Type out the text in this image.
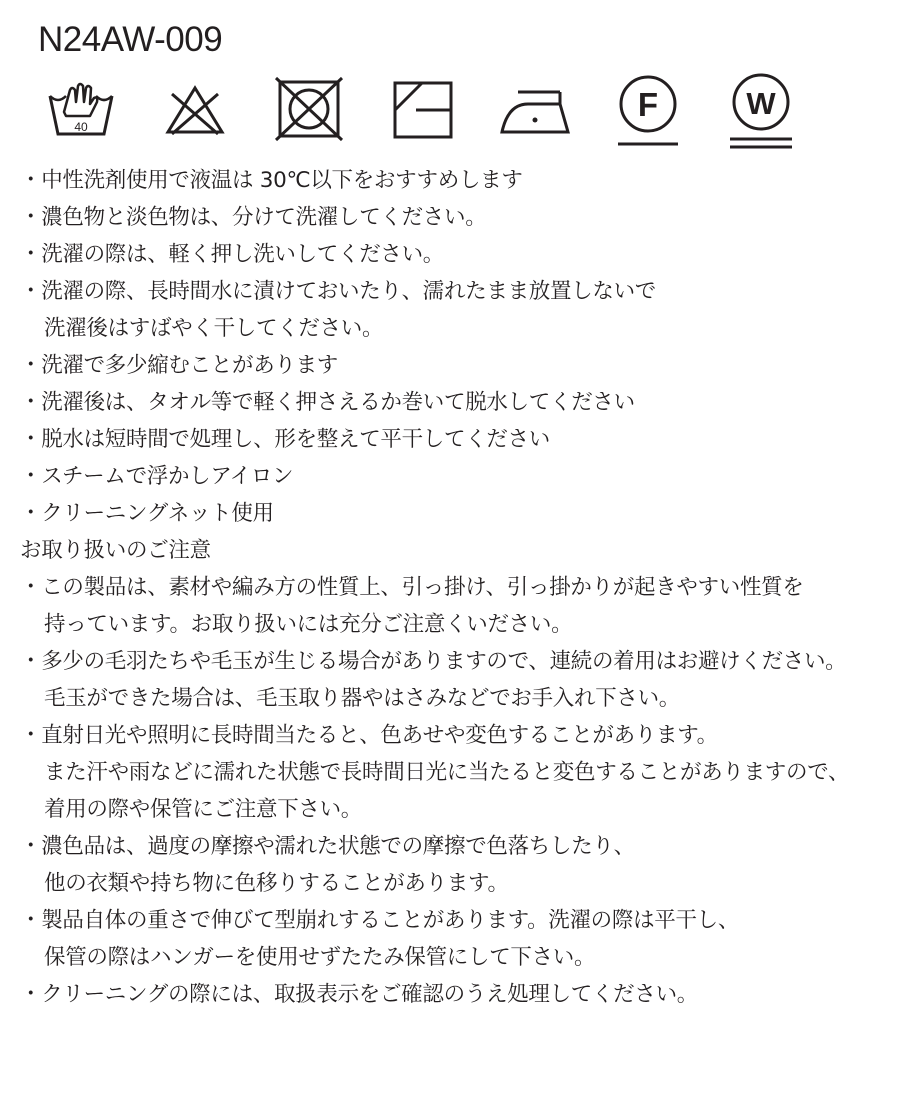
N24AW-009
40
F	W
・中性洗剤使用で液温は 30℃以下をおすすめします
・濃色物と淡色物は、分けて洗濯してください。
・洗濯の際は、軽く押し洗いしてください。
・洗濯の際、長時間水に漬けておいたり、濡れたまま放置しないで
洗濯後はすばやく干してください。
・洗濯で多少縮むことがあります
・洗濯後は、タオル等で軽く押さえるか巻いて脱水してください
・脱水は短時間で処理し、形を整えて平干してください
・スチームで浮かしアイロン
・クリーニングネット使用
お取り扱いのご注意
・この製品は、素材や編み方の性質上、引っ掛け、引っ掛かりが起きやすい性質を
持っています。お取り扱いには充分ご注意くいださい。
・多少の毛羽たちや毛玉が生じる場合がありますので、連続の着用はお避けください。
毛玉ができた場合は、毛玉取り器やはさみなどでお手入れ下さい。
・直射日光や照明に長時間当たると、色あせや変色することがあります。
また汗や雨などに濡れた状態で長時間日光に当たると変色することがありますので、
着用の際や保管にご注意下さい。
・濃色品は、過度の摩擦や濡れた状態での摩擦で色落ちしたり、
他の衣類や持ち物に色移りすることがあります。
・製品自体の重さで伸びて型崩れすることがあります。洗濯の際は平干し、
保管の際はハンガーを使用せずたたみ保管にして下さい。
・クリーニングの際には、取扱表示をご確認のうえ処理してください。
